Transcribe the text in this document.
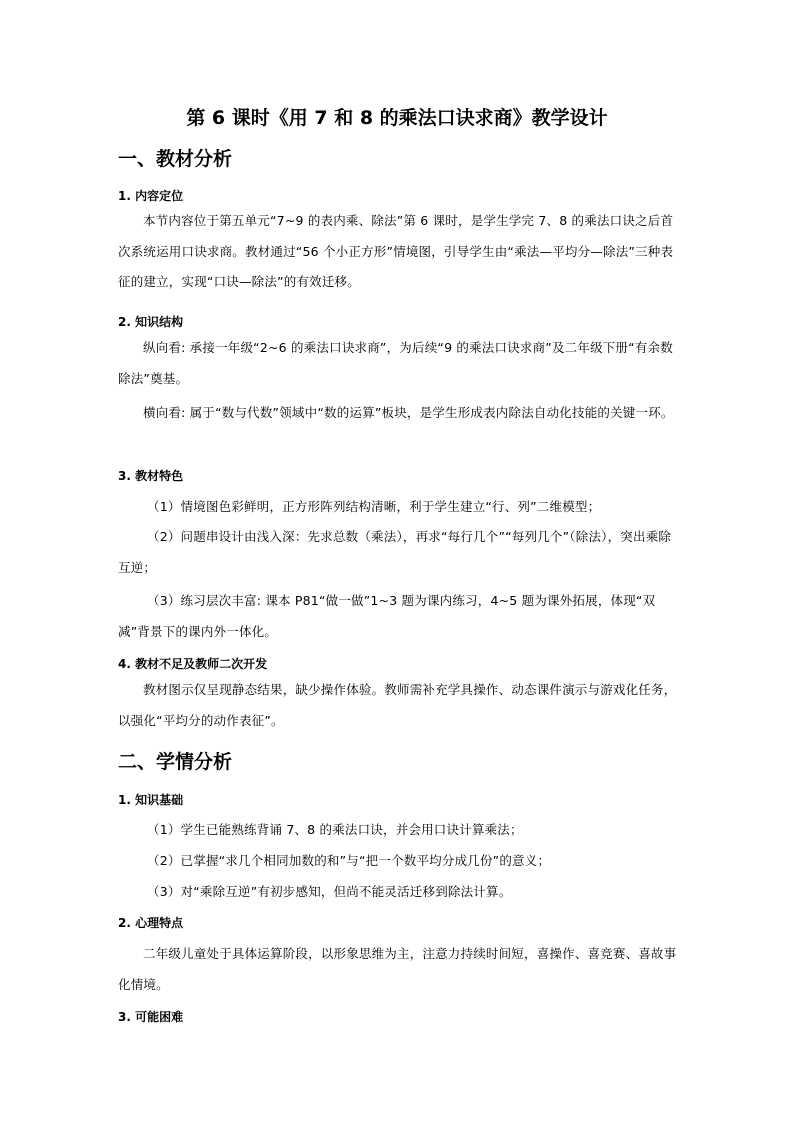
第 6 课时《用 7 和 8 的乘法口诀求商》教学设计
一、教材分析
1. 内容定位
本节内容位于第五单元“7~9 的表内乘、除法”第 6 课时，是学生学完 7、8 的乘法口诀之后首次系统运用口诀求商。教材通过“56 个小正方形”情境图，引导学生由“乘法—平均分—除法”三种表征的建立，实现“口诀—除法”的有效迁移。
2. 知识结构
纵向看: 承接一年级“2~6 的乘法口诀求商”，为后续“9 的乘法口诀求商”及二年级下册“有余数除法”奠基。
横向看: 属于“数与代数”领域中“数的运算”板块，是学生形成表内除法自动化技能的关键一环。
3. 教材特色
（1）情境图色彩鲜明，正方形阵列结构清晰，利于学生建立“行、列”二维模型；
（2）问题串设计由浅入深：先求总数（乘法），再求“每行几个”“每列几个”（除法），突出乘除互逆；
（3）练习层次丰富: 课本 P81“做一做”1~3 题为课内练习，4~5 题为课外拓展，体现“双减”背景下的课内外一体化。
4. 教材不足及教师二次开发
教材图示仅呈现静态结果，缺少操作体验。教师需补充学具操作、动态课件演示与游戏化任务，以强化“平均分的动作表征”。
二、学情分析
1. 知识基础
（1）学生已能熟练背诵 7、8 的乘法口诀，并会用口诀计算乘法；
（2）已掌握“求几个相同加数的和”与“把一个数平均分成几份”的意义；
（3）对“乘除互逆”有初步感知，但尚不能灵活迁移到除法计算。
2. 心理特点
二年级儿童处于具体运算阶段，以形象思维为主，注意力持续时间短，喜操作、喜竞赛、喜故事化情境。
3. 可能困难
